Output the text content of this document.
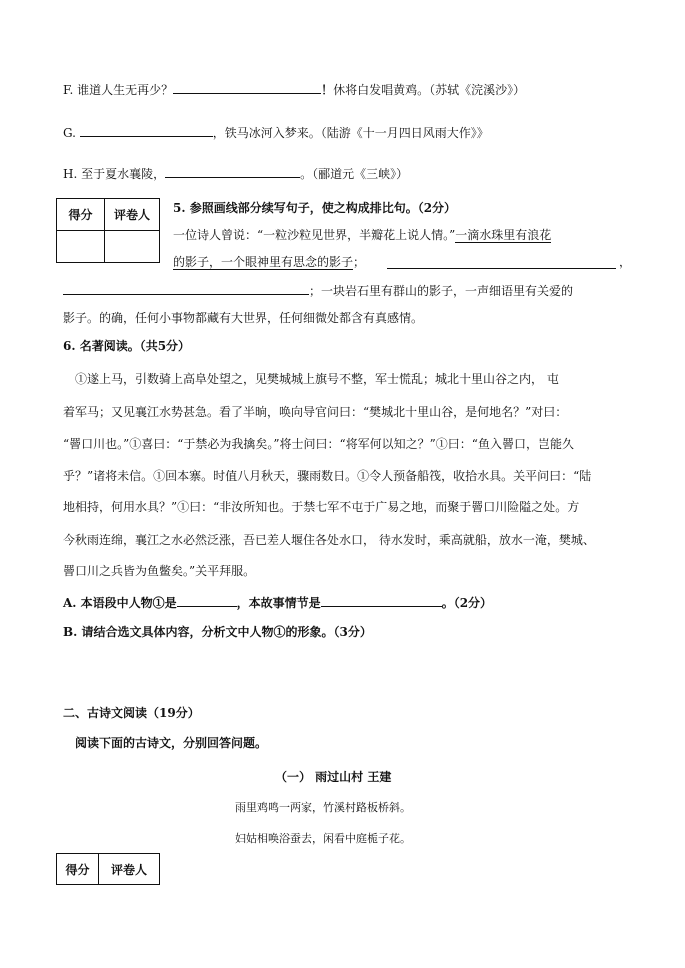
F. 谁道人生无再少？	！休将白发唱黄鸡。（苏轼《浣溪沙》）
G.	，铁马冰河入梦来。（陆游《十一月四日风雨大作》》
H. 至于夏水襄陵，	。（郦道元《三峡》）
得分	评卷人
	5. 参照画线部分续写句子，使之构成排比句。（2分）
一位诗人曾说：“一粒沙粒见世界，半瓣花上说人情。”一滴水珠里有浪花
的影子，一个眼神里有思念的影子；	，
；一块岩石里有群山的影子，一声细语里有关爱的
影子。的确，任何小事物都藏有大世界，任何细微处都含有真感情。
6. 名著阅读。（共5分）
①遂上马，引数骑上高阜处望之，见樊城城上旗号不整，军士慌乱；城北十里山谷之内， 屯
着军马；又见襄江水势甚急。看了半晌，唤向导官问曰：“樊城北十里山谷，是何地名？”对曰：
“罾口川也。”①喜曰：“于禁必为我擒矣。”将士问曰：“将军何以知之？”①曰：“鱼入罾口，岂能久
乎？”诸将未信。①回本寨。时值八月秋天，骤雨数日。①令人预备船筏，收拾水具。关平问曰：“陆
地相持，何用水具？”①曰：“非汝所知也。于禁七军不屯于广易之地，而聚于罾口川险隘之处。方
今秋雨连绵，襄江之水必然泛涨，吾已差人堰住各处水口， 待水发时，乘高就船，放水一淹，樊城、
罾口川之兵皆为鱼鳖矣。”关平拜服。
A. 本语段中人物①是	，本故事情节是	。（2分）
B. 请结合选文具体内容，分析文中人物①的形象。（3分）
二、古诗文阅读（19分）
阅读下面的古诗文，分别回答问题。
（一） 雨过山村 王建
雨里鸡鸣一两家，竹溪村路板桥斜。
妇姑相唤浴蚕去，闲看中庭栀子花。
得分	评卷人
